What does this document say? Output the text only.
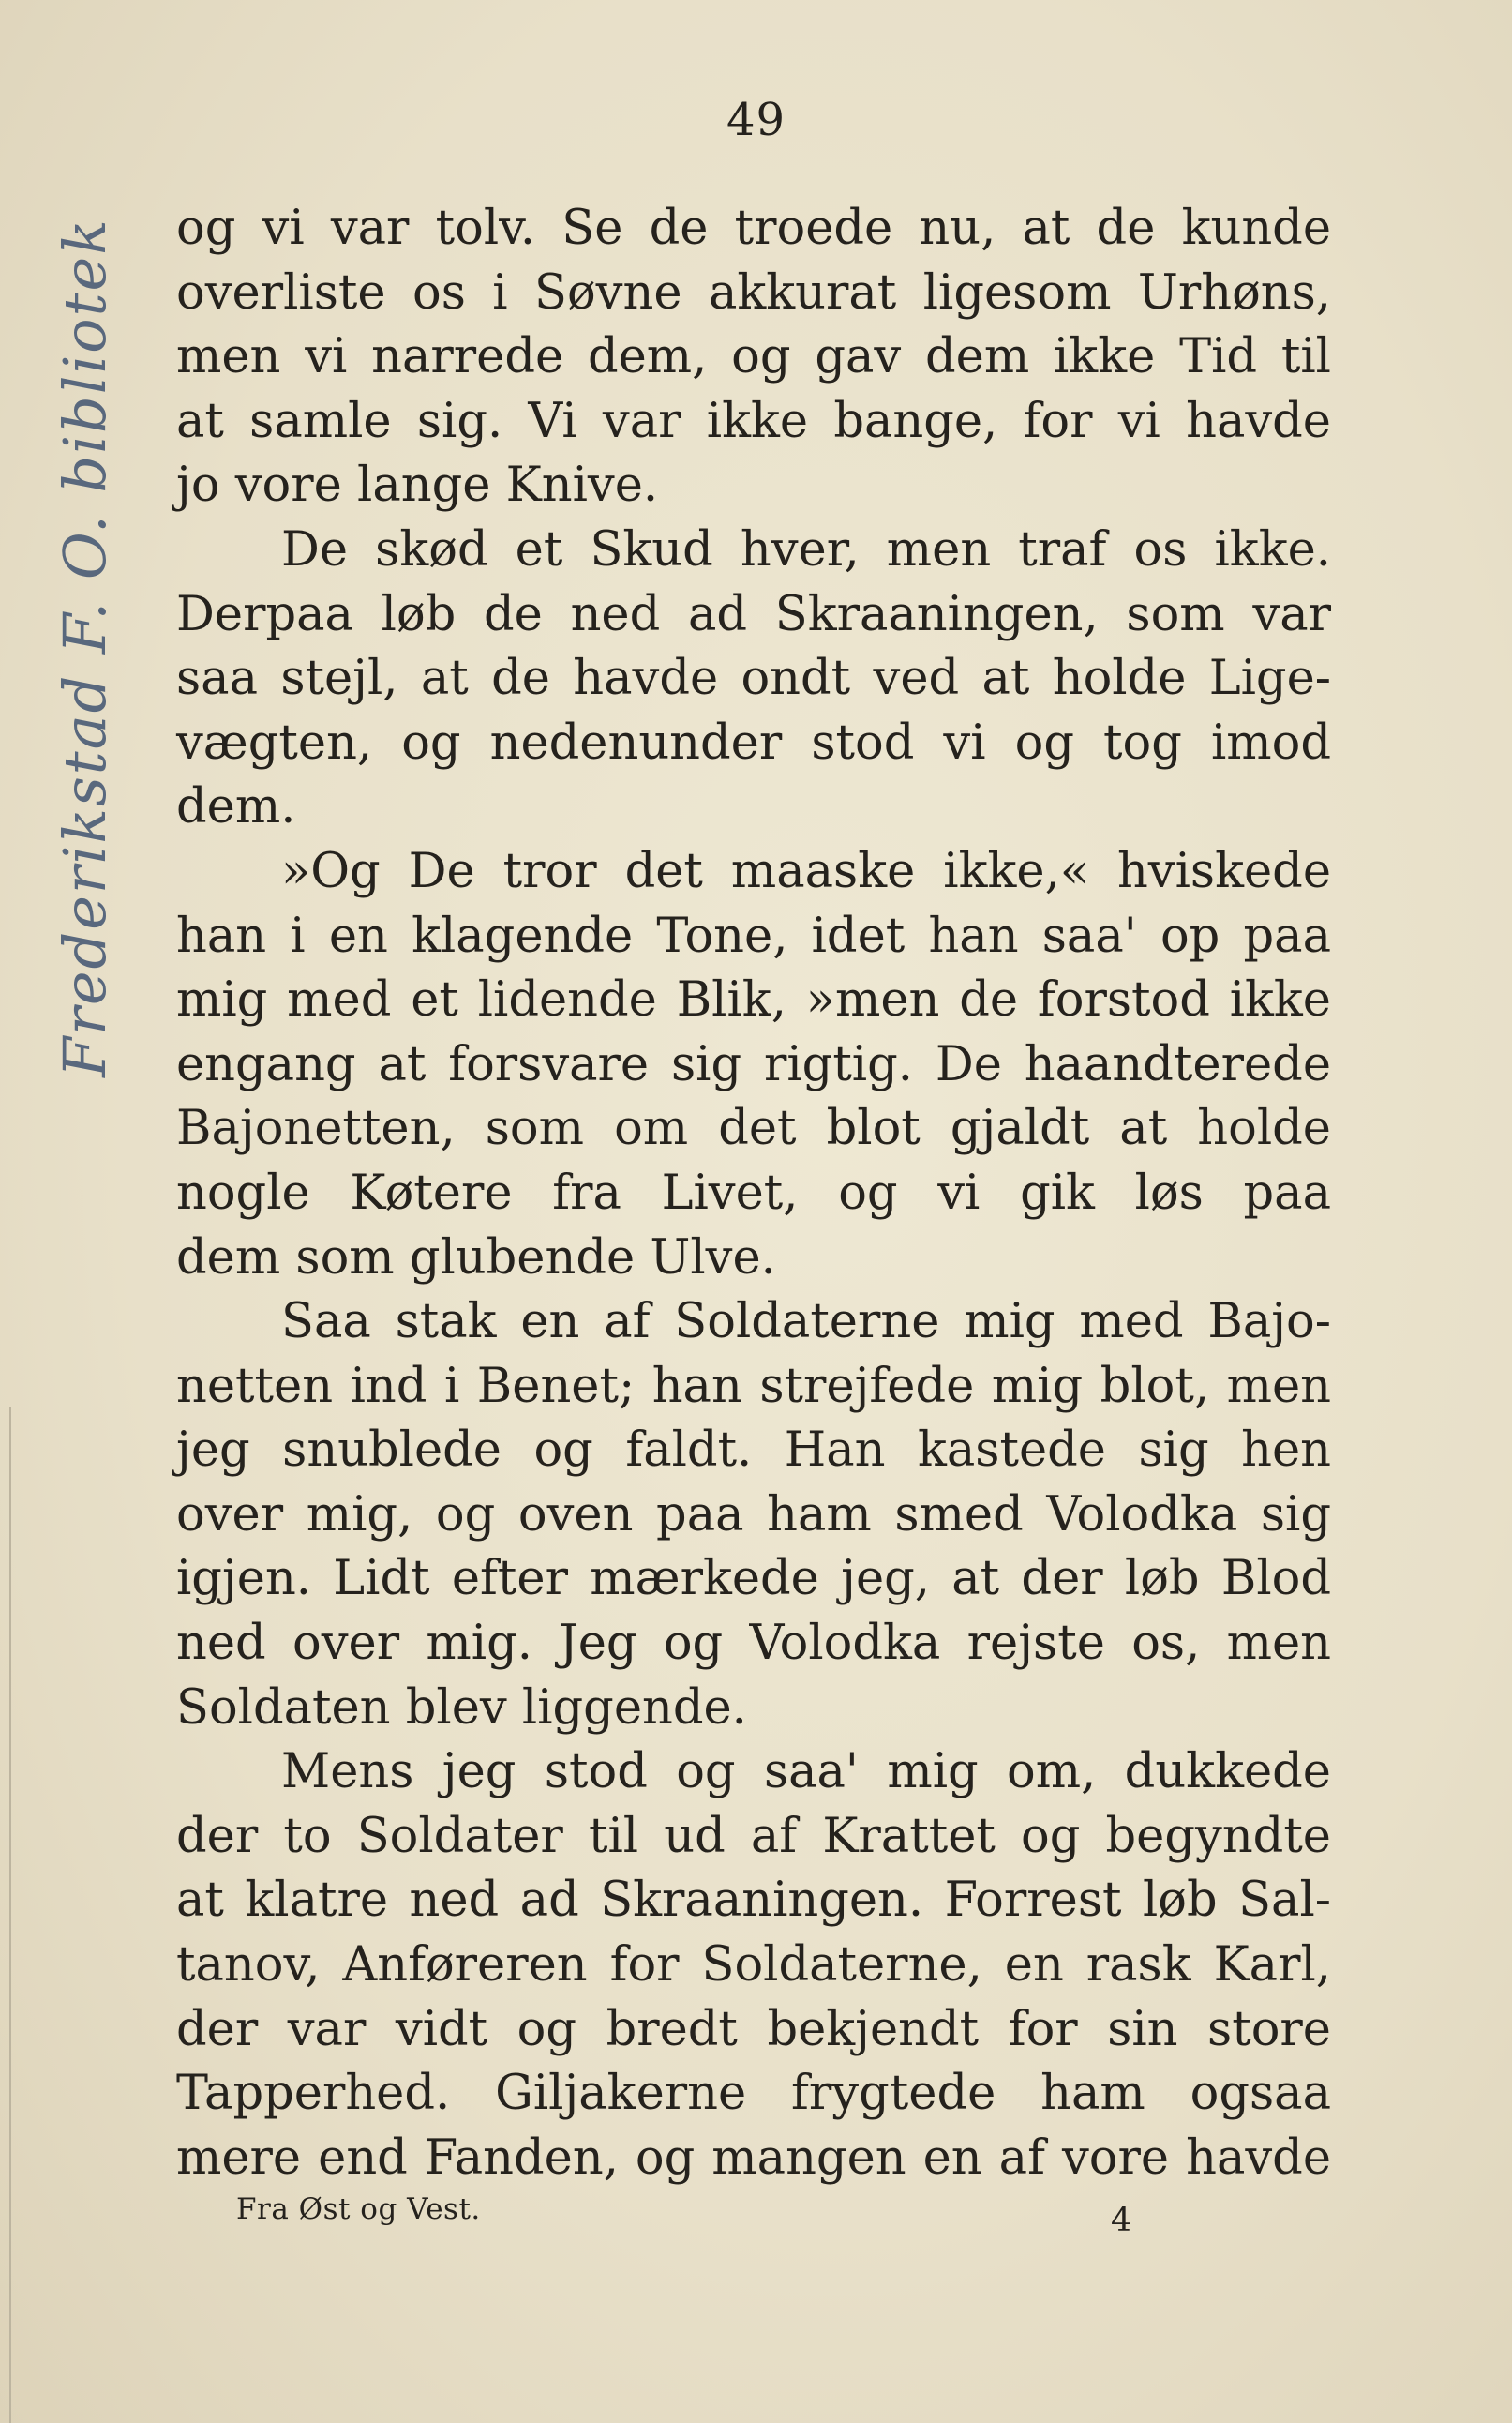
49
Frederikstad F. O. bibliotek og vi var tolv. Se de troede nu, at de kunde
overliste os i Søvne akkurat ligesom Urhøns,
men vi narrede dem, og gav dem ikke Tid til
at samle sig. Vi var ikke bange, for vi havde
jo vore lange Knive.
De skød et Skud hver, men traf os ikke.
Derpaa løb de ned ad Skraaningen, som var
saa stejl, at de havde ondt ved at holde Lige-
vægten, og nedenunder stod vi og tog imod
dem.
»Og De tror det maaske ikke,« hviskede
han i en klagende Tone, idet han saa' op paa
mig med et lidende Blik, »men de forstod ikke
engang at forsvare sig rigtig. De haandterede
Bajonetten, som om det blot gjaldt at holde
nogle Køtere fra Livet, og vi gik løs paa
dem som glubende Ulve.
Saa stak en af Soldaterne mig med Bajo-
netten ind i Benet; han strejfede mig blot, men
jeg snublede og faldt. Han kastede sig hen
over mig, og oven paa ham smed Volodka sig
igjen. Lidt efter mærkede jeg, at der løb Blod
ned over mig. Jeg og Volodka rejste os, men
Soldaten blev liggende.
Mens jeg stod og saa' mig om, dukkede
der to Soldater til ud af Krattet og begyndte
at klatre ned ad Skraaningen. Forrest løb Sal-
tanov, Anføreren for Soldaterne, en rask Karl,
der var vidt og bredt bekjendt for sin store
Tapperhed. Giljakerne frygtede ham ogsaa
mere end Fanden, og mangen en af vore havde
Fra Øst og Vest.	4
